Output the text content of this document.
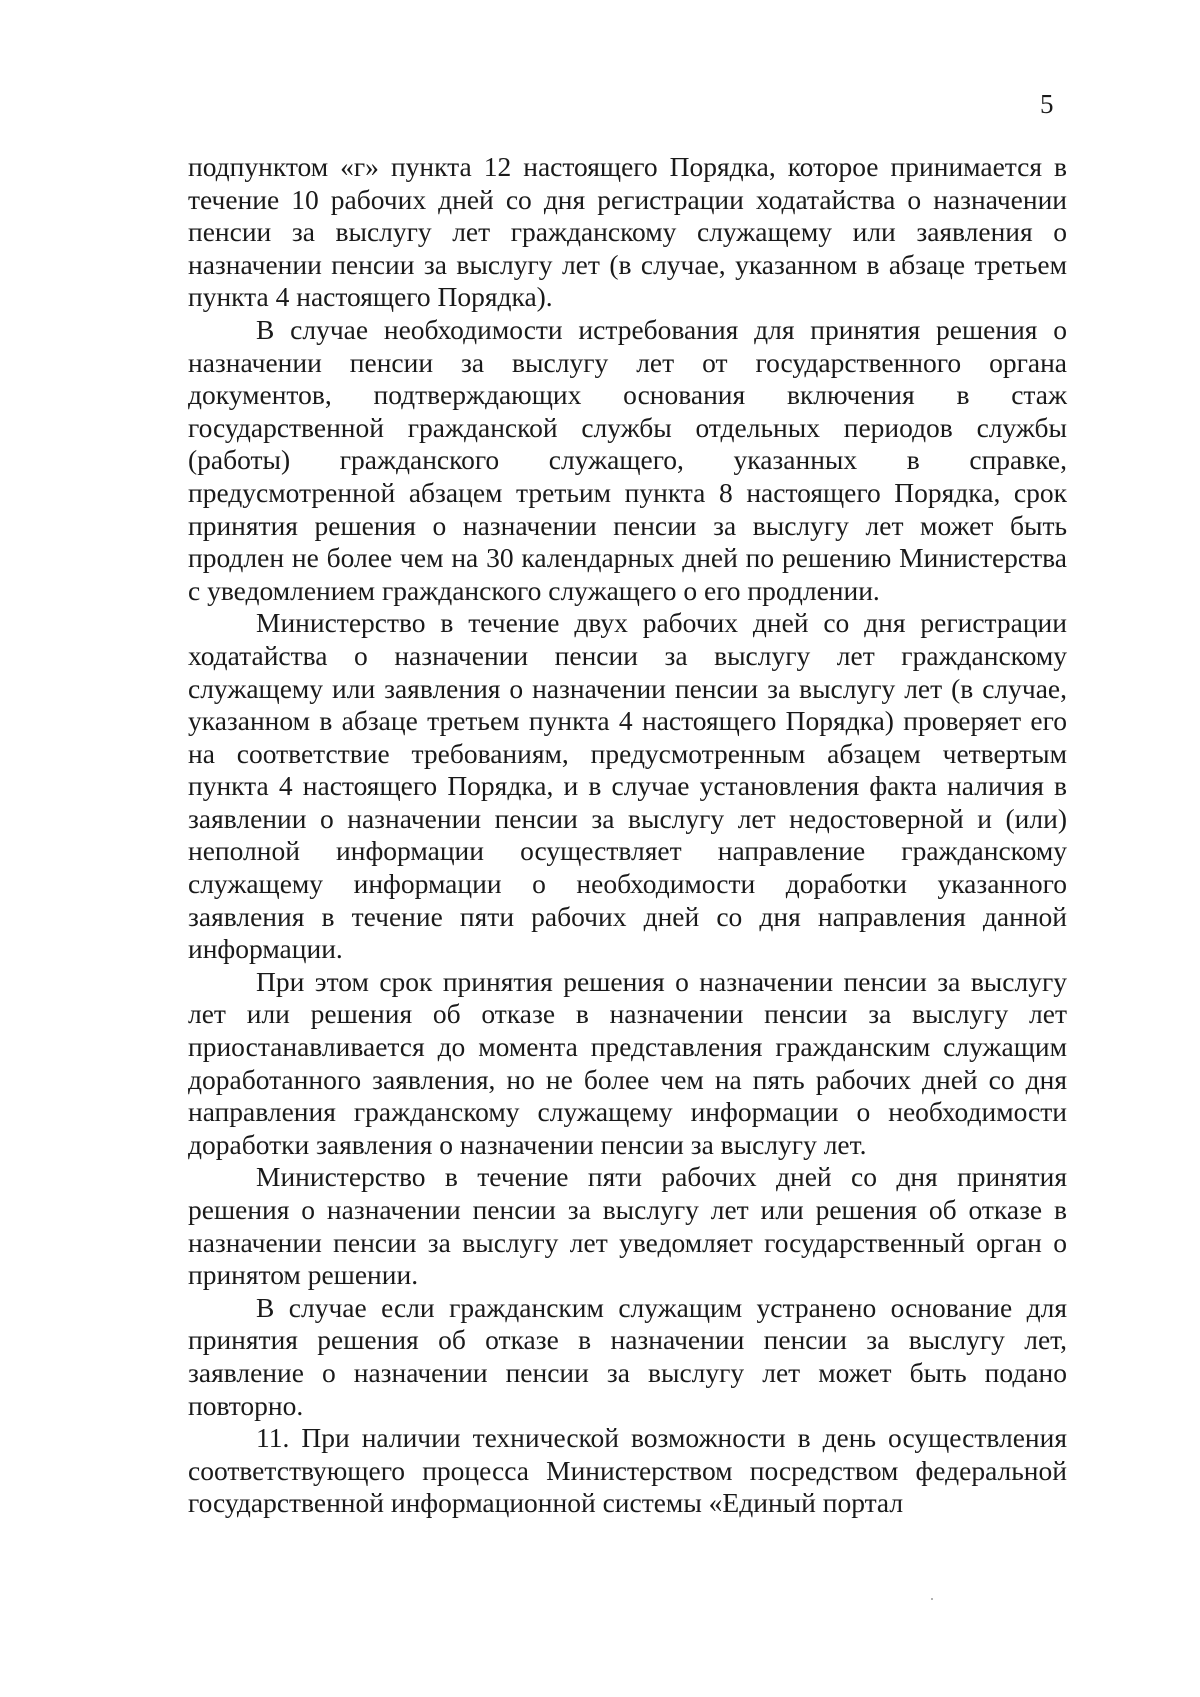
5

подпунктом «г» пункта 12 настоящего Порядка, которое принимается в течение 10 рабочих дней со дня регистрации ходатайства о назначении пенсии за выслугу лет гражданскому служащему или заявления о назначении пенсии за выслугу лет (в случае, указанном в абзаце третьем пункта 4 настоящего Порядка).

В случае необходимости истребования для принятия решения о назначении пенсии за выслугу лет от государственного органа документов, подтверждающих основания включения в стаж государственной гражданской службы отдельных периодов службы (работы) гражданского служащего, указанных в справке, предусмотренной абзацем третьим пункта 8 настоящего Порядка, срок принятия решения о назначении пенсии за выслугу лет может быть продлен не более чем на 30 календарных дней по решению Министерства с уведомлением гражданского служащего о его продлении.

Министерство в течение двух рабочих дней со дня регистрации ходатайства о назначении пенсии за выслугу лет гражданскому служащему или заявления о назначении пенсии за выслугу лет (в случае, указанном в абзаце третьем пункта 4 настоящего Порядка) проверяет его на соответствие требованиям, предусмотренным абзацем четвертым пункта 4 настоящего Порядка, и в случае установления факта наличия в заявлении о назначении пенсии за выслугу лет недостоверной и (или) неполной информации осуществляет направление гражданскому служащему информации о необходимости доработки указанного заявления в течение пяти рабочих дней со дня направления данной информации.

При этом срок принятия решения о назначении пенсии за выслугу лет или решения об отказе в назначении пенсии за выслугу лет приостанавливается до момента представления гражданским служащим доработанного заявления, но не более чем на пять рабочих дней со дня направления гражданскому служащему информации о необходимости доработки заявления о назначении пенсии за выслугу лет.

Министерство в течение пяти рабочих дней со дня принятия решения о назначении пенсии за выслугу лет или решения об отказе в назначении пенсии за выслугу лет уведомляет государственный орган о принятом решении.

В случае если гражданским служащим устранено основание для принятия решения об отказе в назначении пенсии за выслугу лет, заявление о назначении пенсии за выслугу лет может быть подано повторно.

11. При наличии технической возможности в день осуществления соответствующего процесса Министерством посредством федеральной государственной информационной системы «Единый портал
